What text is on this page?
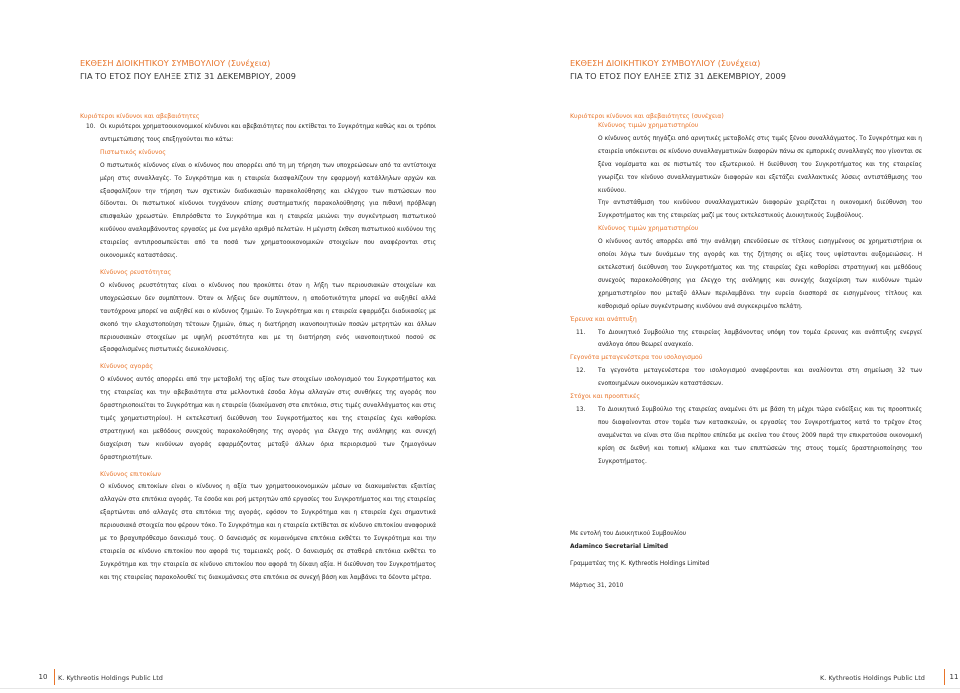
ΕΚΘΕΣΗ ΔΙΟΙΚΗΤΙΚΟΥ ΣΥΜΒΟΥΛΙΟΥ (Συνέχεια)
ΓΙΑ ΤΟ ΕΤΟΣ ΠΟΥ ΕΛΗΞΕ ΣΤΙΣ 31 ΔΕΚΕΜΒΡΙΟΥ, 2009

Κυριότεροι κίνδυνοι και αβεβαιότητες

10. Οι κυριότεροι χρηματοοικονομικοί κίνδυνοι και αβεβαιότητες που εκτίθεται το Συγκρότημα καθώς και οι τρόποι αντιμετώπισης τους επεξηγούνται πιο κάτω:

Πιστωτικός κίνδυνος

Ο πιστωτικός κίνδυνος είναι ο κίνδυνος που απορρέει από τη μη τήρηση των υποχρεώσεων από τα αντίστοιχα μέρη στις συναλλαγές. Το Συγκρότημα και η εταιρεία διασφαλίζουν την εφαρμογή κατάλληλων αρχών και εξασφαλίζουν την τήρηση των σχετικών διαδικασιών παρακολούθησης και ελέγχου των πιστώσεων που δίδονται. Οι πιστωτικοί κίνδυνοι τυγχάνουν επίσης συστηματικής παρακολούθησης για πιθανή πρόβλεψη επισφαλών χρεωστών. Επιπρόσθετα το Συγκρότημα και η εταιρεία μειώνει την συγκέντρωση πιστωτικού κινδύνου αναλαμβάνοντας εργασίες με ένα μεγάλο αριθμό πελατών. Η μέγιστη έκθεση πιστωτικού κινδύνου της εταιρείας αντιπροσωπεύεται από τα ποσά των χρηματοοικονομικών στοιχείων που αναφέρονται στις οικονομικές καταστάσεις.

Κίνδυνος ρευστότητας

Ο κίνδυνος ρευστότητας είναι ο κίνδυνος που προκύπτει όταν η λήξη των περιουσιακών στοιχείων και υποχρεώσεων δεν συμπίπτουν. Όταν οι λήξεις δεν συμπίπτουν, η αποδοτικότητα μπορεί να αυξηθεί αλλά ταυτόχρονα μπορεί να αυξηθεί και ο κίνδυνος ζημιών. Το Συγκρότημα και η εταιρεία εφαρμόζει διαδικασίες με σκοπό την ελαχιστοποίηση τέτοιων ζημιών, όπως η διατήρηση ικανοποιητικών ποσών μετρητών και άλλων περιουσιακών στοιχείων με υψηλή ρευστότητα και με τη διατήρηση ενός ικανοποιητικού ποσού σε εξασφαλισμένες πιστωτικές διευκολύνσεις.

Κίνδυνος αγοράς

Ο κίνδυνος αυτός απορρέει από την μεταβολή της αξίας των στοιχείων ισολογισμού του Συγκροτήματος και της εταιρείας και την αβεβαιότητα στα μελλοντικά έσοδα λόγω αλλαγών στις συνθήκες της αγοράς που δραστηριοποιείται το Συγκρότημα και η εταιρεία (διακύμανση στα επιτόκια, στις τιμές συναλλάγματος και στις τιμές χρηματιστηρίου). Η εκτελεστική διεύθυνση του Συγκροτήματος και της εταιρείας έχει καθορίσει στρατηγική και μεθόδους συνεχούς παρακολούθησης της αγοράς για έλεγχο της ανάληψης και συνεχή διαχείριση των κινδύνων αγοράς εφαρμόζοντας μεταξύ άλλων όρια περιορισμού των ζημιογόνων δραστηριοτήτων.

Κίνδυνος επιτοκίων

Ο κίνδυνος επιτοκίων είναι ο κίνδυνος η αξία των χρηματοοικονομικών μέσων να διακυμαίνεται εξαιτίας αλλαγών στα επιτόκια αγοράς. Τα έσοδα και ροή μετρητών από εργασίες του Συγκροτήματος και της εταιρείας εξαρτώνται από αλλαγές στα επιτόκια της αγοράς, εφόσον το Συγκρότημα και η εταιρεία έχει σημαντικά περιουσιακά στοιχεία που φέρουν τόκο. Το Συγκρότημα και η εταιρεία εκτίθεται σε κίνδυνο επιτοκίου αναφορικά με το βραχυπρόθεσμο δανεισμό τους. Ο δανεισμός σε κυμαινόμενα επιτόκια εκθέτει το Συγκρότημα και την εταιρεία σε κίνδυνο επιτοκίου που αφορά τις ταμειακές ροές. Ο δανεισμός σε σταθερά επιτόκια εκθέτει το Συγκρότημα και την εταιρεία σε κίνδυνο επιτοκίου που αφορά τη δίκαιη αξία. Η διεύθυνση του Συγκροτήματος και της εταιρείας παρακολουθεί τις διακυμάνσεις στα επιτόκια σε συνεχή βάση και λαμβάνει τα δέοντα μέτρα.

ΕΚΘΕΣΗ ΔΙΟΙΚΗΤΙΚΟΥ ΣΥΜΒΟΥΛΙΟΥ (Συνέχεια)
ΓΙΑ ΤΟ ΕΤΟΣ ΠΟΥ ΕΛΗΞΕ ΣΤΙΣ 31 ΔΕΚΕΜΒΡΙΟΥ, 2009

Κυριότεροι κίνδυνοι και αβεβαιότητες (συνέχεια)

Κίνδυνος τιμών χρηματιστηρίου

Ο κίνδυνος αυτός πηγάζει από αρνητικές μεταβολές στις τιμές ξένου συναλλάγματος. Το Συγκρότημα και η εταιρεία υπόκεινται σε κίνδυνο συναλλαγματικών διαφορών πάνω σε εμπορικές συναλλαγές που γίνονται σε ξένα νομίσματα και σε πιστωτές του εξωτερικού. Η διεύθυνση του Συγκροτήματος και της εταιρείας γνωρίζει τον κίνδυνο συναλλαγματικών διαφορών και εξετάζει εναλλακτικές λύσεις αντιστάθμισης του κινδύνου.

Την αντιστάθμιση του κινδύνου συναλλαγματικών διαφορών χειρίζεται η οικονομική διεύθυνση του Συγκροτήματος και της εταιρείας μαζί με τους εκτελεστικούς Διοικητικούς Συμβούλους.

Κίνδυνος τιμών χρηματιστηρίου

Ο κίνδυνος αυτός απορρέει από την ανάληψη επενδύσεων σε τίτλους εισηγμένους σε χρηματιστήρια οι οποίοι λόγω των δυνάμεων της αγοράς και της ζήτησης οι αξίες τους υφίστανται αυξομειώσεις. Η εκτελεστική διεύθυνση του Συγκροτήματος και της εταιρείας έχει καθορίσει στρατηγική και μεθόδους συνεχούς παρακολούθησης για έλεγχο της ανάληψης και συνεχής διαχείριση των κινδύνων τιμών χρηματιστηρίου που μεταξύ άλλων περιλαμβάνει την ευρεία διασπορά σε εισηγμένους τίτλους και καθορισμό ορίων συγκέντρωσης κινδύνου ανά συγκεκριμένο πελάτη.

Έρευνα και ανάπτυξη

11.	Το Διοικητικό Συμβούλιο της εταιρείας λαμβάνοντας υπόψη τον τομέα έρευνας και ανάπτυξης ενεργεί ανάλογα όπου θεωρεί αναγκαίο.

Γεγονότα μεταγενέστερα του ισολογισμού

12.	Τα γεγονότα μεταγενέστερα του ισολογισμού αναφέρονται και αναλύονται στη σημείωση 32 των ενοποιημένων οικονομικών καταστάσεων.

Στόχοι και προοπτικές

13.	Το Διοικητικό Συμβούλιο της εταιρείας αναμένει ότι με βάση τη μέχρι τώρα ενδείξεις και τις προοπτικές που διαφαίνονται στον τομέα των κατασκευών, οι εργασίες του Συγκροτήματος κατά το τρέχον έτος αναμένεται να είναι στα ίδια περίπου επίπεδα με εκείνα του έτους 2009 παρά την επικρατούσα οικονομική κρίση σε διεθνή και τοπική κλίμακα και των επιπτώσεών της στους τομείς δραστηριοποίησης του Συγκροτήματος.
Με εντολή του Διοικητικού Συμβουλίου
Adaminco Secretarial Limited
Γραμματέας της K. Kythreotis Holdings Limited
Μάρτιος 31, 2010
10	K. Kythreotis Holdings Public Ltd	K. Kythreotis Holdings Public Ltd	11
